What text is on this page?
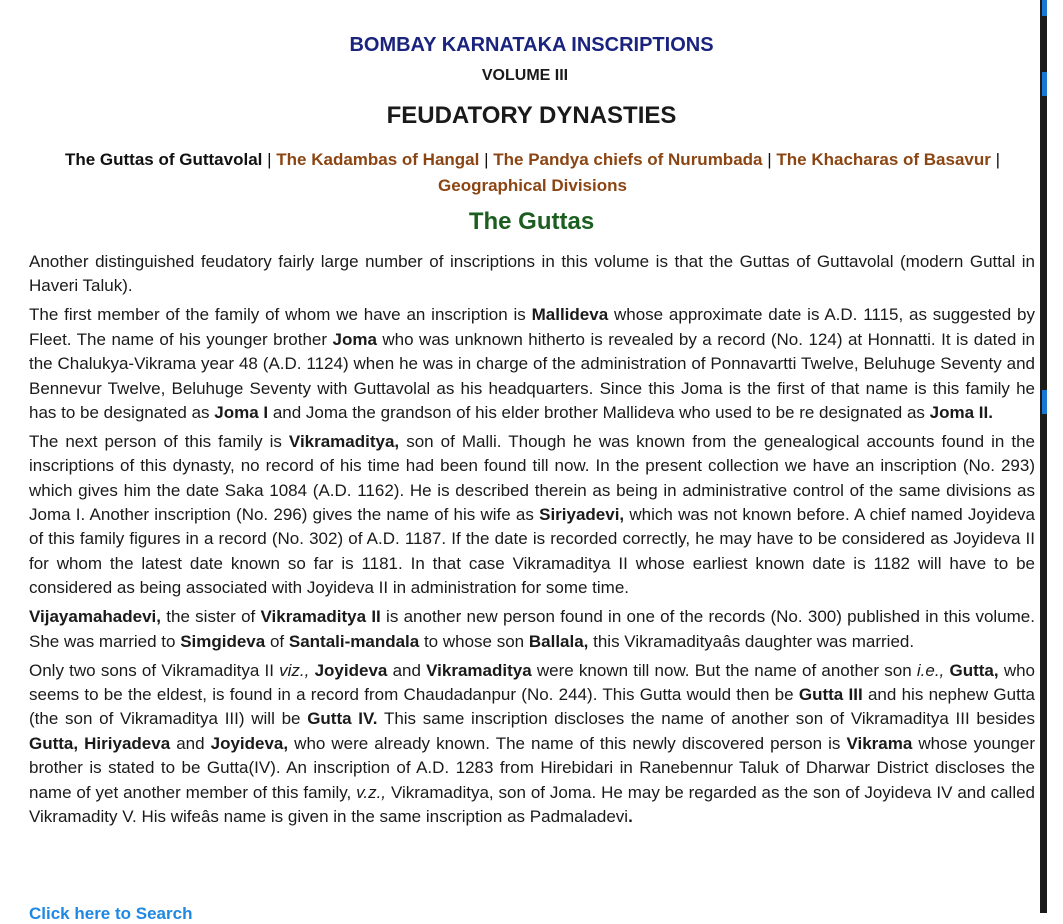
BOMBAY KARNATAKA INSCRIPTIONS
VOLUME III
FEUDATORY DYNASTIES
The Guttas of Guttavolal | The Kadambas of Hangal | The Pandya chiefs of Nurumbada | The Khacharas of Basavur |
Geographical Divisions
The Guttas

Another distinguished feudatory fairly large number of inscriptions in this volume is that the Guttas of Guttavolal (modern Guttal in Haveri Taluk).

The first member of the family of whom we have an inscription is Mallideva whose approximate date is A.D. 1115, as suggested by Fleet. The name of his younger brother Joma who was unknown hitherto is revealed by a record (No. 124) at Honnatti. It is dated in the Chalukya-Vikrama year 48 (A.D. 1124) when he was in charge of the administration of Ponnavartti Twelve, Beluhuge Seventy and Bennevur Twelve, Beluhuge Seventy with Guttavolal as his headquarters. Since this Joma is the first of that name is this family he has to be designated as Joma I and Joma the grandson of his elder brother Mallideva who used to be re designated as Joma II.

The next person of this family is Vikramaditya, son of Malli. Though he was known from the genealogical accounts found in the inscriptions of this dynasty, no record of his time had been found till now. In the present collection we have an inscription (No. 293) which gives him the date Saka 1084 (A.D. 1162). He is described therein as being in administrative control of the same divisions as Joma I. Another inscription (No. 296) gives the name of his wife as Siriyadevi, which was not known before. A chief named Joyideva of this family figures in a record (No. 302) of A.D. 1187. If the date is recorded correctly, he may have to be considered as Joyideva II for whom the latest date known so far is 1181. In that case Vikramaditya II whose earliest known date is 1182 will have to be considered as being associated with Joyideva II in administration for some time.

Vijayamahadevi, the sister of Vikramaditya II is another new person found in one of the records (No. 300) published in this volume. She was married to Simgideva of Santali-mandala to whose son Ballala, this Vikramadityaâs daughter was married.

Only two sons of Vikramaditya II viz., Joyideva and Vikramaditya were known till now. But the name of another son i.e., Gutta, who seems to be the eldest, is found in a record from Chaudadanpur (No. 244). This Gutta would then be Gutta III and his nephew Gutta (the son of Vikramaditya III) will be Gutta IV. This same inscription discloses the name of another son of Vikramaditya III besides Gutta, Hiriyadeva and Joyideva, who were already known. The name of this newly discovered person is Vikrama whose younger brother is stated to be Gutta(IV). An inscription of A.D. 1283 from Hirebidari in Ranebennur Taluk of Dharwar District discloses the name of yet another member of this family, v.z., Vikramaditya, son of Joma. He may be regarded as the son of Joyideva IV and called Vikramadity V. His wifeâs name is given in the same inscription as Padmaladevi.

Click here to Search
